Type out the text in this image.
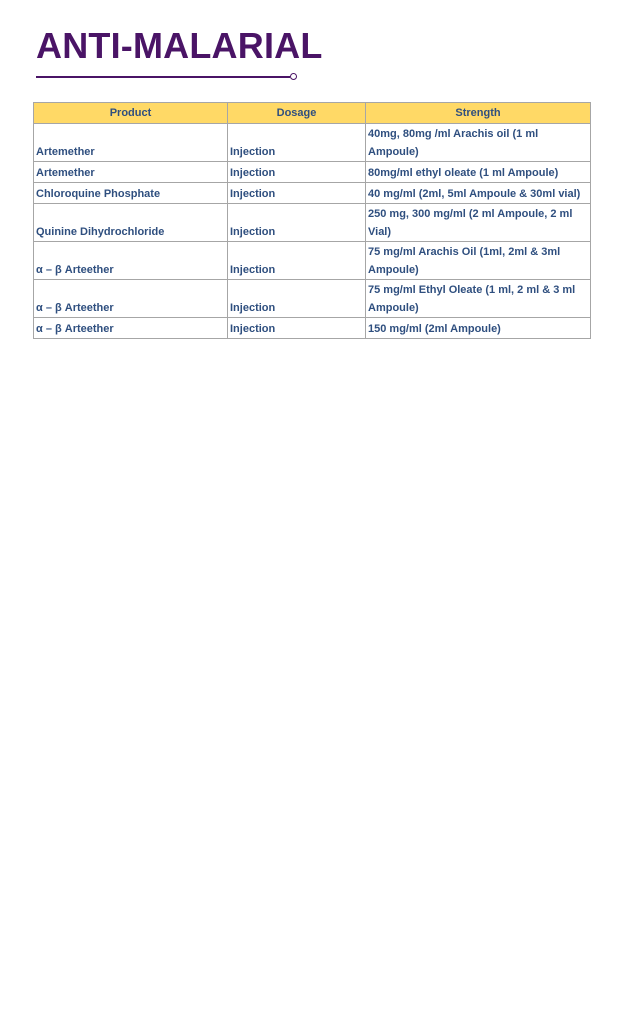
ANTI-MALARIAL
Product	Dosage	Strength
Artemether	Injection	40mg, 80mg /ml Arachis oil (1 ml Ampoule)
Artemether	Injection	80mg/ml ethyl oleate (1 ml Ampoule)
Chloroquine Phosphate	Injection	40 mg/ml (2ml, 5ml Ampoule & 30ml vial)
Quinine Dihydrochloride	Injection	250 mg, 300 mg/ml (2 ml Ampoule, 2 ml Vial)
α – β Arteether	Injection	75 mg/ml Arachis Oil (1ml, 2ml & 3ml Ampoule)
α – β Arteether	Injection	75 mg/ml Ethyl Oleate (1 ml, 2 ml & 3 ml Ampoule)
α – β Arteether	Injection	150 mg/ml (2ml Ampoule)
